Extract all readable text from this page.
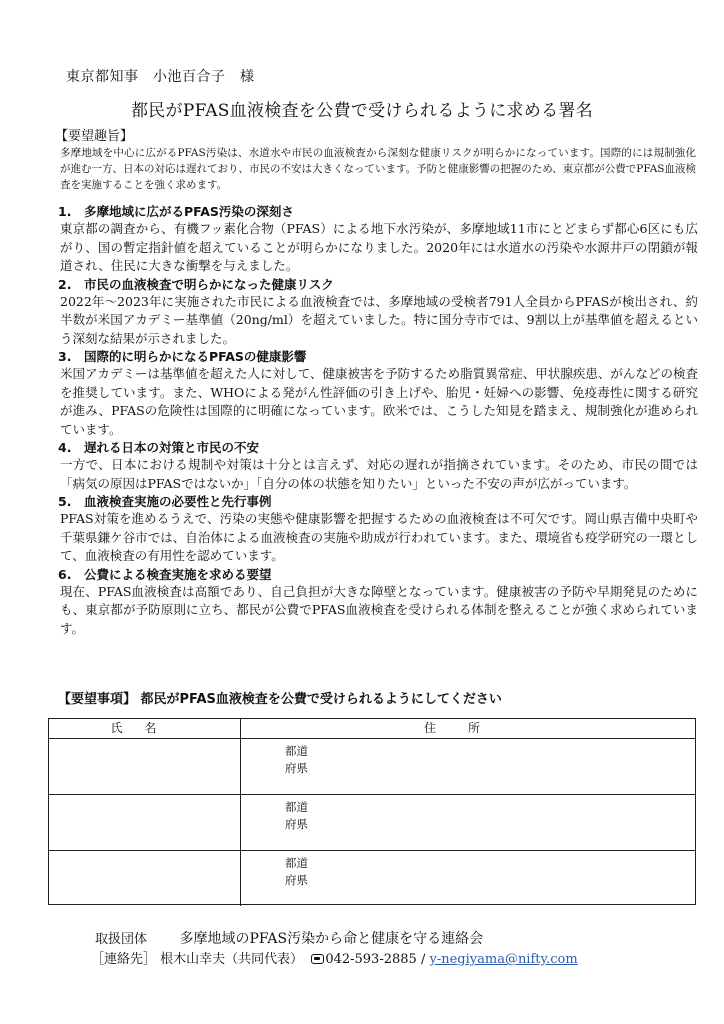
東京都知事　小池百合子　様
都民がPFAS血液検査を公費で受けられるように求める署名
【要望趣旨】
多摩地域を中心に広がるPFAS汚染は、水道水や市民の血液検査から深刻な健康リスクが明らかになっています。国際的には規制強化が進む一方、日本の対応は遅れており、市民の不安は大きくなっています。予防と健康影響の把握のため、東京都が公費でPFAS血液検査を実施することを強く求めます。

1.　多摩地域に広がるPFAS汚染の深刻さ

東京都の調査から、有機フッ素化合物（PFAS）による地下水汚染が、多摩地域11市にとどまらず都心6区にも広がり、国の暫定指針値を超えていることが明らかになりました。2020年には水道水の汚染や水源井戸の閉鎖が報道され、住民に大きな衝撃を与えました。

2.　市民の血液検査で明らかになった健康リスク

2022年～2023年に実施された市民による血液検査では、多摩地域の受検者791人全員からPFASが検出され、約半数が米国アカデミー基準値（20ng/ml）を超えていました。特に国分寺市では、9割以上が基準値を超えるという深刻な結果が示されました。

3.　国際的に明らかになるPFASの健康影響

米国アカデミーは基準値を超えた人に対して、健康被害を予防するため脂質異常症、甲状腺疾患、がんなどの検査を推奨しています。また、WHOによる発がん性評価の引き上げや、胎児・妊婦への影響、免疫毒性に関する研究が進み、PFASの危険性は国際的に明確になっています。欧米では、こうした知見を踏まえ、規制強化が進められています。

4.　遅れる日本の対策と市民の不安

一方で、日本における規制や対策は十分とは言えず、対応の遅れが指摘されています。そのため、市民の間では「病気の原因はPFASではないか」「自分の体の状態を知りたい」といった不安の声が広がっています。

5.　血液検査実施の必要性と先行事例

PFAS対策を進めるうえで、汚染の実態や健康影響を把握するための血液検査は不可欠です。岡山県吉備中央町や千葉県鎌ケ谷市では、自治体による血液検査の実施や助成が行われています。また、環境省も疫学研究の一環として、血液検査の有用性を認めています。

6.　公費による検査実施を求める要望

現在、PFAS血液検査は高額であり、自己負担が大きな障壁となっています。健康被害の予防や早期発見のためにも、東京都が予防原則に立ち、都民が公費でPFAS血液検査を受けられる体制を整えることが強く求められています。

【要望事項】 都民がPFAS血液検査を公費で受けられるようにしてください
氏名	住所
都道
府県
都道
府県
都道
府県
取扱団体 多摩地域のPFAS汚染から命と健康を守る連絡会
［連絡先］ 根木山幸夫（共同代表） 042-593-2885 / y-negiyama@nifty.com
